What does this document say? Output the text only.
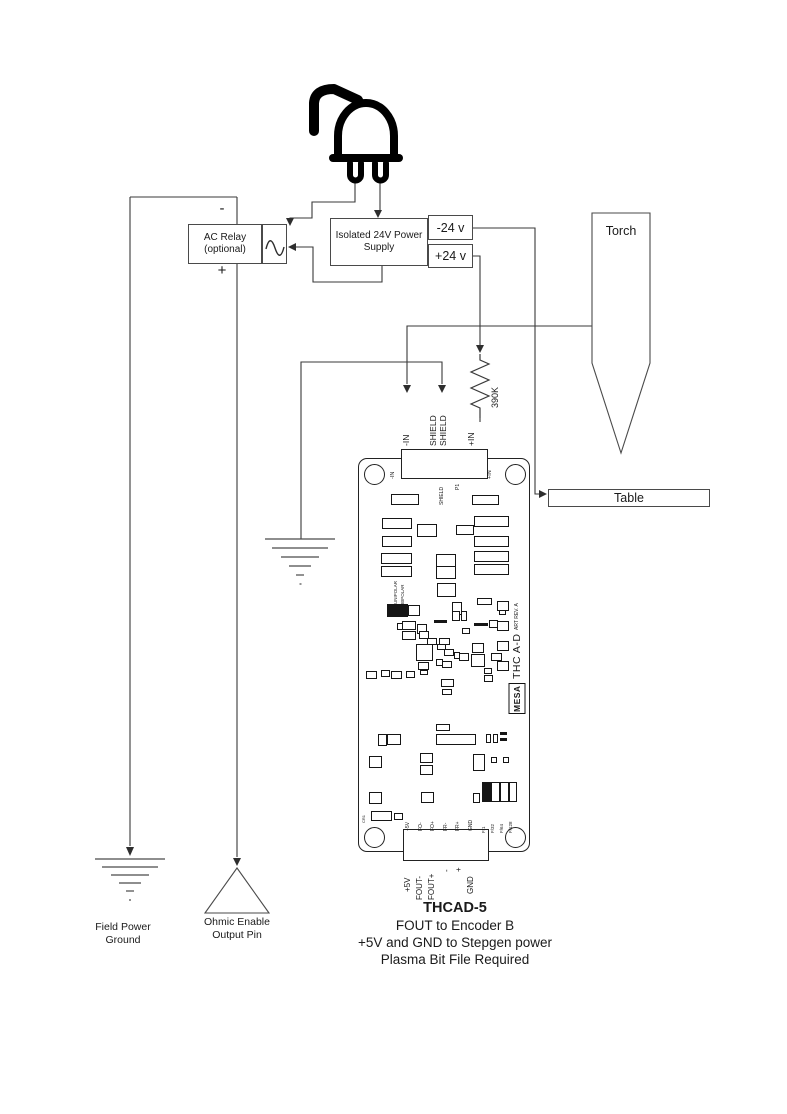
AC Relay
(optional)
-
+
Isolated 24V Power
Supply
-24 v
+24 v
Torch
Table
390K
-IN SHIELD SHIELD +IN
-IN	+IN
SHIELD P1
UNIPOLAR BIPOLAR
CR1
+5V FO- FO+ FR- FR+ GND F/1 F/32 F/64 F/128
MESA
THC A-D
ART REV. A
+5V FOUT- FOUT+
- +
GND
THCAD-5
FOUT to Encoder B
+5V and GND to Stepgen power
Plasma Bit File Required
Field Power
Ground
Ohmic Enable
Output Pin
